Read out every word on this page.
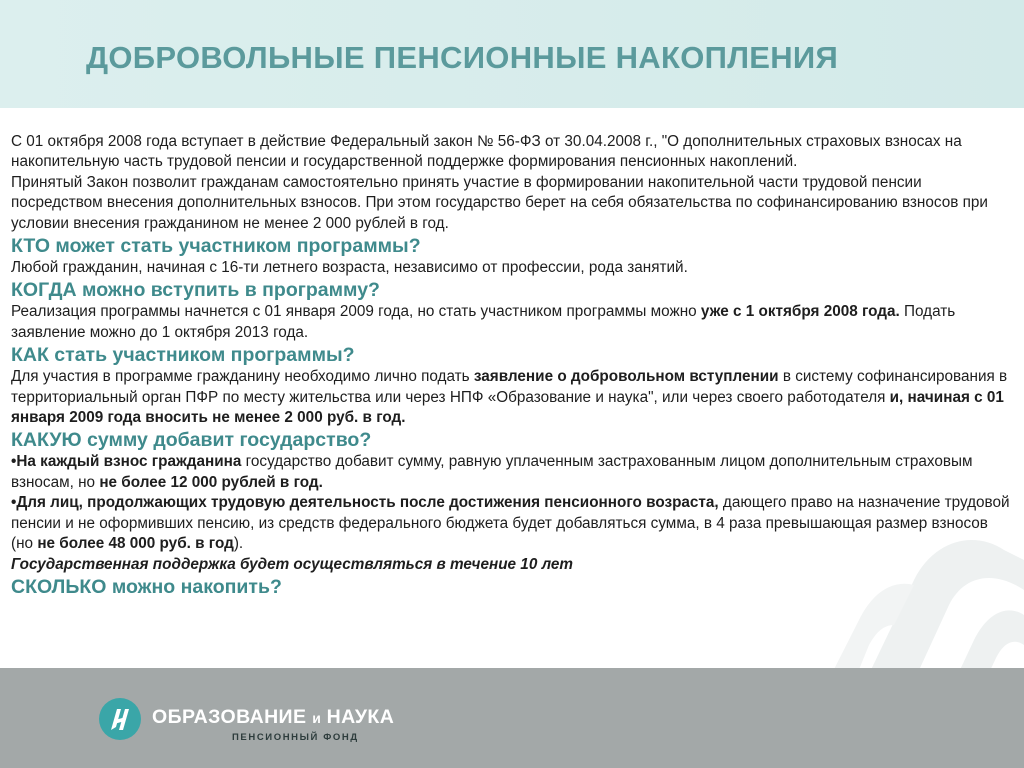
ДОБРОВОЛЬНЫЕ ПЕНСИОННЫЕ НАКОПЛЕНИЯ

С 01 октября 2008 года вступает в действие Федеральный закон № 56-ФЗ от 30.04.2008 г., "О дополнительных страховых взносах на накопительную часть трудовой пенсии и государственной поддержке формирования пенсионных накоплений.

Принятый Закон позволит гражданам самостоятельно принять участие в формировании накопительной части трудовой пенсии посредством внесения дополнительных взносов. При этом государство берет на себя обязательства по софинансированию взносов при условии внесения гражданином не менее 2 000 рублей в год.

КТО может стать участником программы?

Любой гражданин, начиная с 16-ти летнего возраста, независимо от профессии, рода занятий.

КОГДА можно вступить в программу?

Реализация программы начнется с 01 января 2009 года, но стать участником программы можно уже с 1 октября 2008 года. Подать заявление можно до 1 октября 2013 года.

КАК стать участником программы?

Для участия в программе гражданину необходимо лично подать заявление о добровольном вступлении в систему софинансирования в территориальный орган ПФР по месту жительства или через НПФ «Образование и наука", или через своего работодателя и, начиная с 01 января 2009 года вносить не менее 2 000 руб. в год.

КАКУЮ сумму добавит государство?

•На каждый взнос гражданина государство добавит сумму, равную уплаченным застрахованным лицом дополнительным страховым взносам, но не более 12 000 рублей в год.

•Для лиц, продолжающих трудовую деятельность после достижения пенсионного возраста, дающего право на назначение трудовой пенсии и не оформивших пенсию, из средств федерального бюджета будет добавляться сумма, в 4 раза превышающая размер взносов (но не более 48 000 руб. в год).

Государственная поддержка будет осуществляться в течение 10 лет

СКОЛЬКО можно накопить?
ОБРАЗОВАНИЕ и НАУКА
ПЕНСИОННЫЙ ФОНД
